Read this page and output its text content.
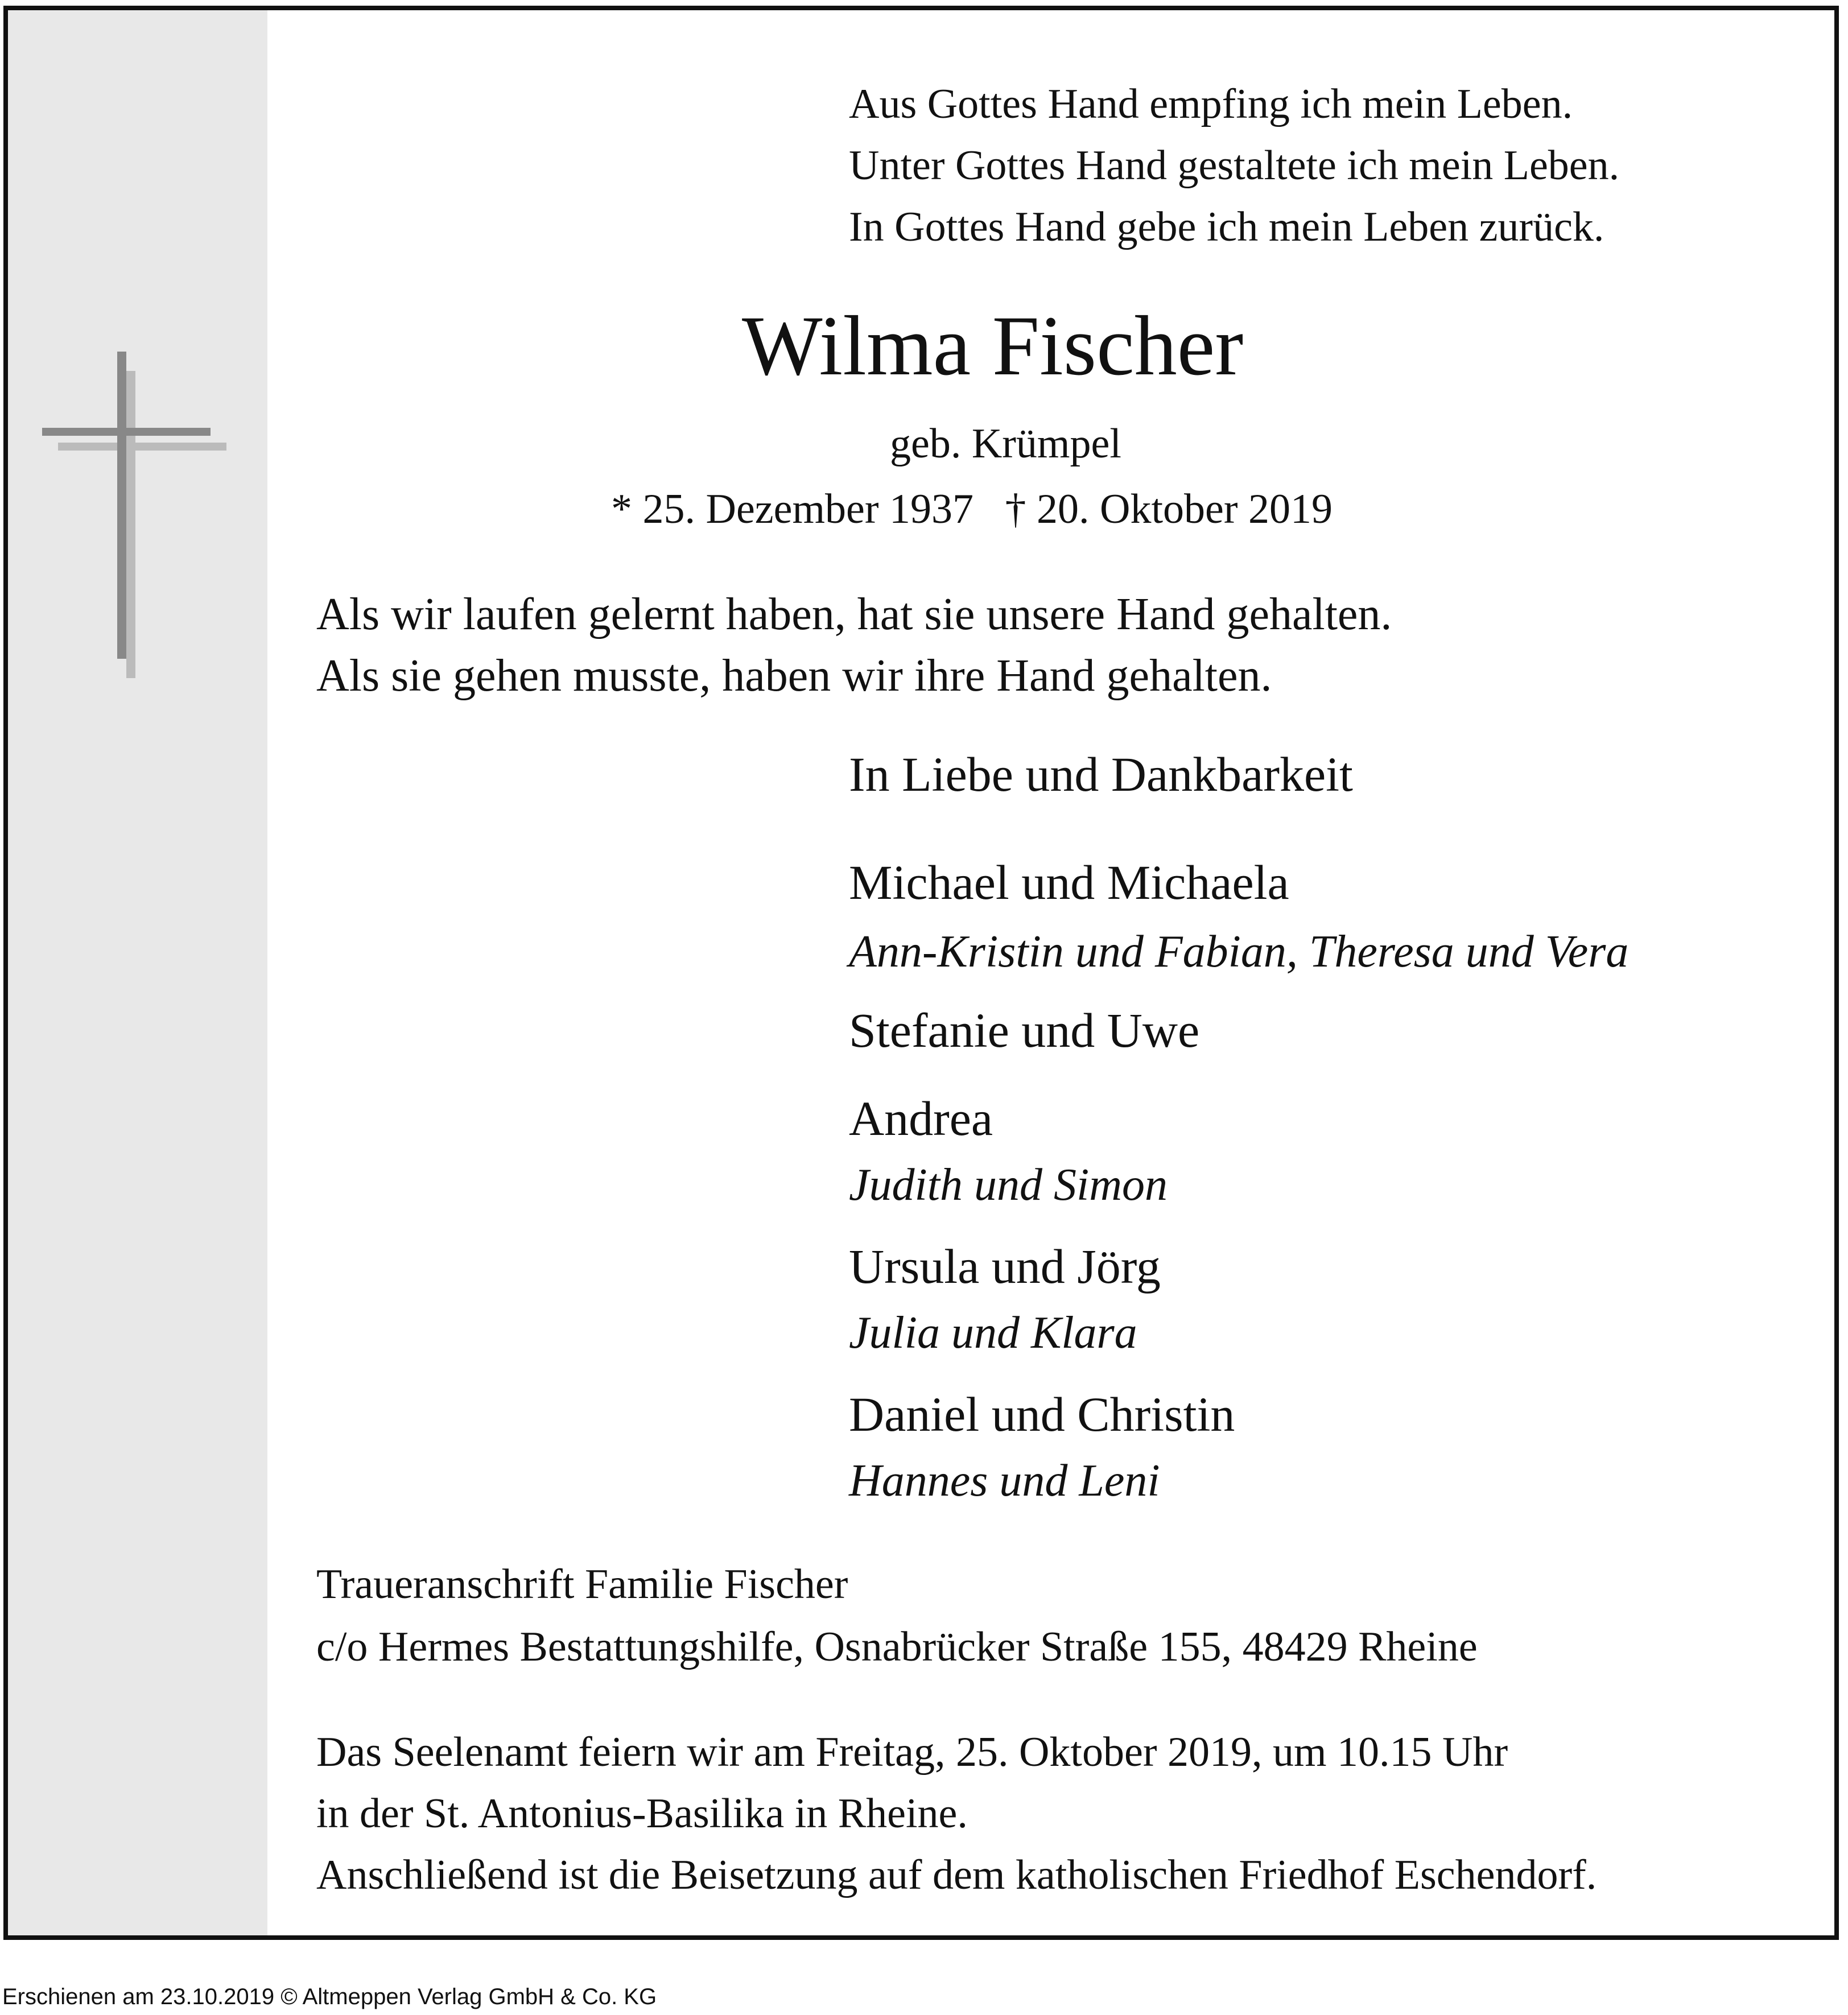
Aus Gottes Hand empfing ich mein Leben.

Unter Gottes Hand gestaltete ich mein Leben.

In Gottes Hand gebe ich mein Leben zurück.

Wilma Fischer

geb. Krümpel

* 25. Dezember 1937   † 20. Oktober 2019

Als wir laufen gelernt haben, hat sie unsere Hand gehalten.

Als sie gehen musste, haben wir ihre Hand gehalten.

In Liebe und Dankbarkeit

Michael und Michaela

Ann-Kristin und Fabian, Theresa und Vera

Stefanie und Uwe

Andrea

Judith und Simon

Ursula und Jörg

Julia und Klara

Daniel und Christin

Hannes und Leni

Traueranschrift Familie Fischer

c/o Hermes Bestattungshilfe, Osnabrücker Straße 155, 48429 Rheine

Das Seelenamt feiern wir am Freitag, 25. Oktober 2019, um 10.15 Uhr

in der St. Antonius-Basilika in Rheine.

Anschließend ist die Beisetzung auf dem katholischen Friedhof Eschendorf.

Erschienen am 23.10.2019 © Altmeppen Verlag GmbH & Co. KG
